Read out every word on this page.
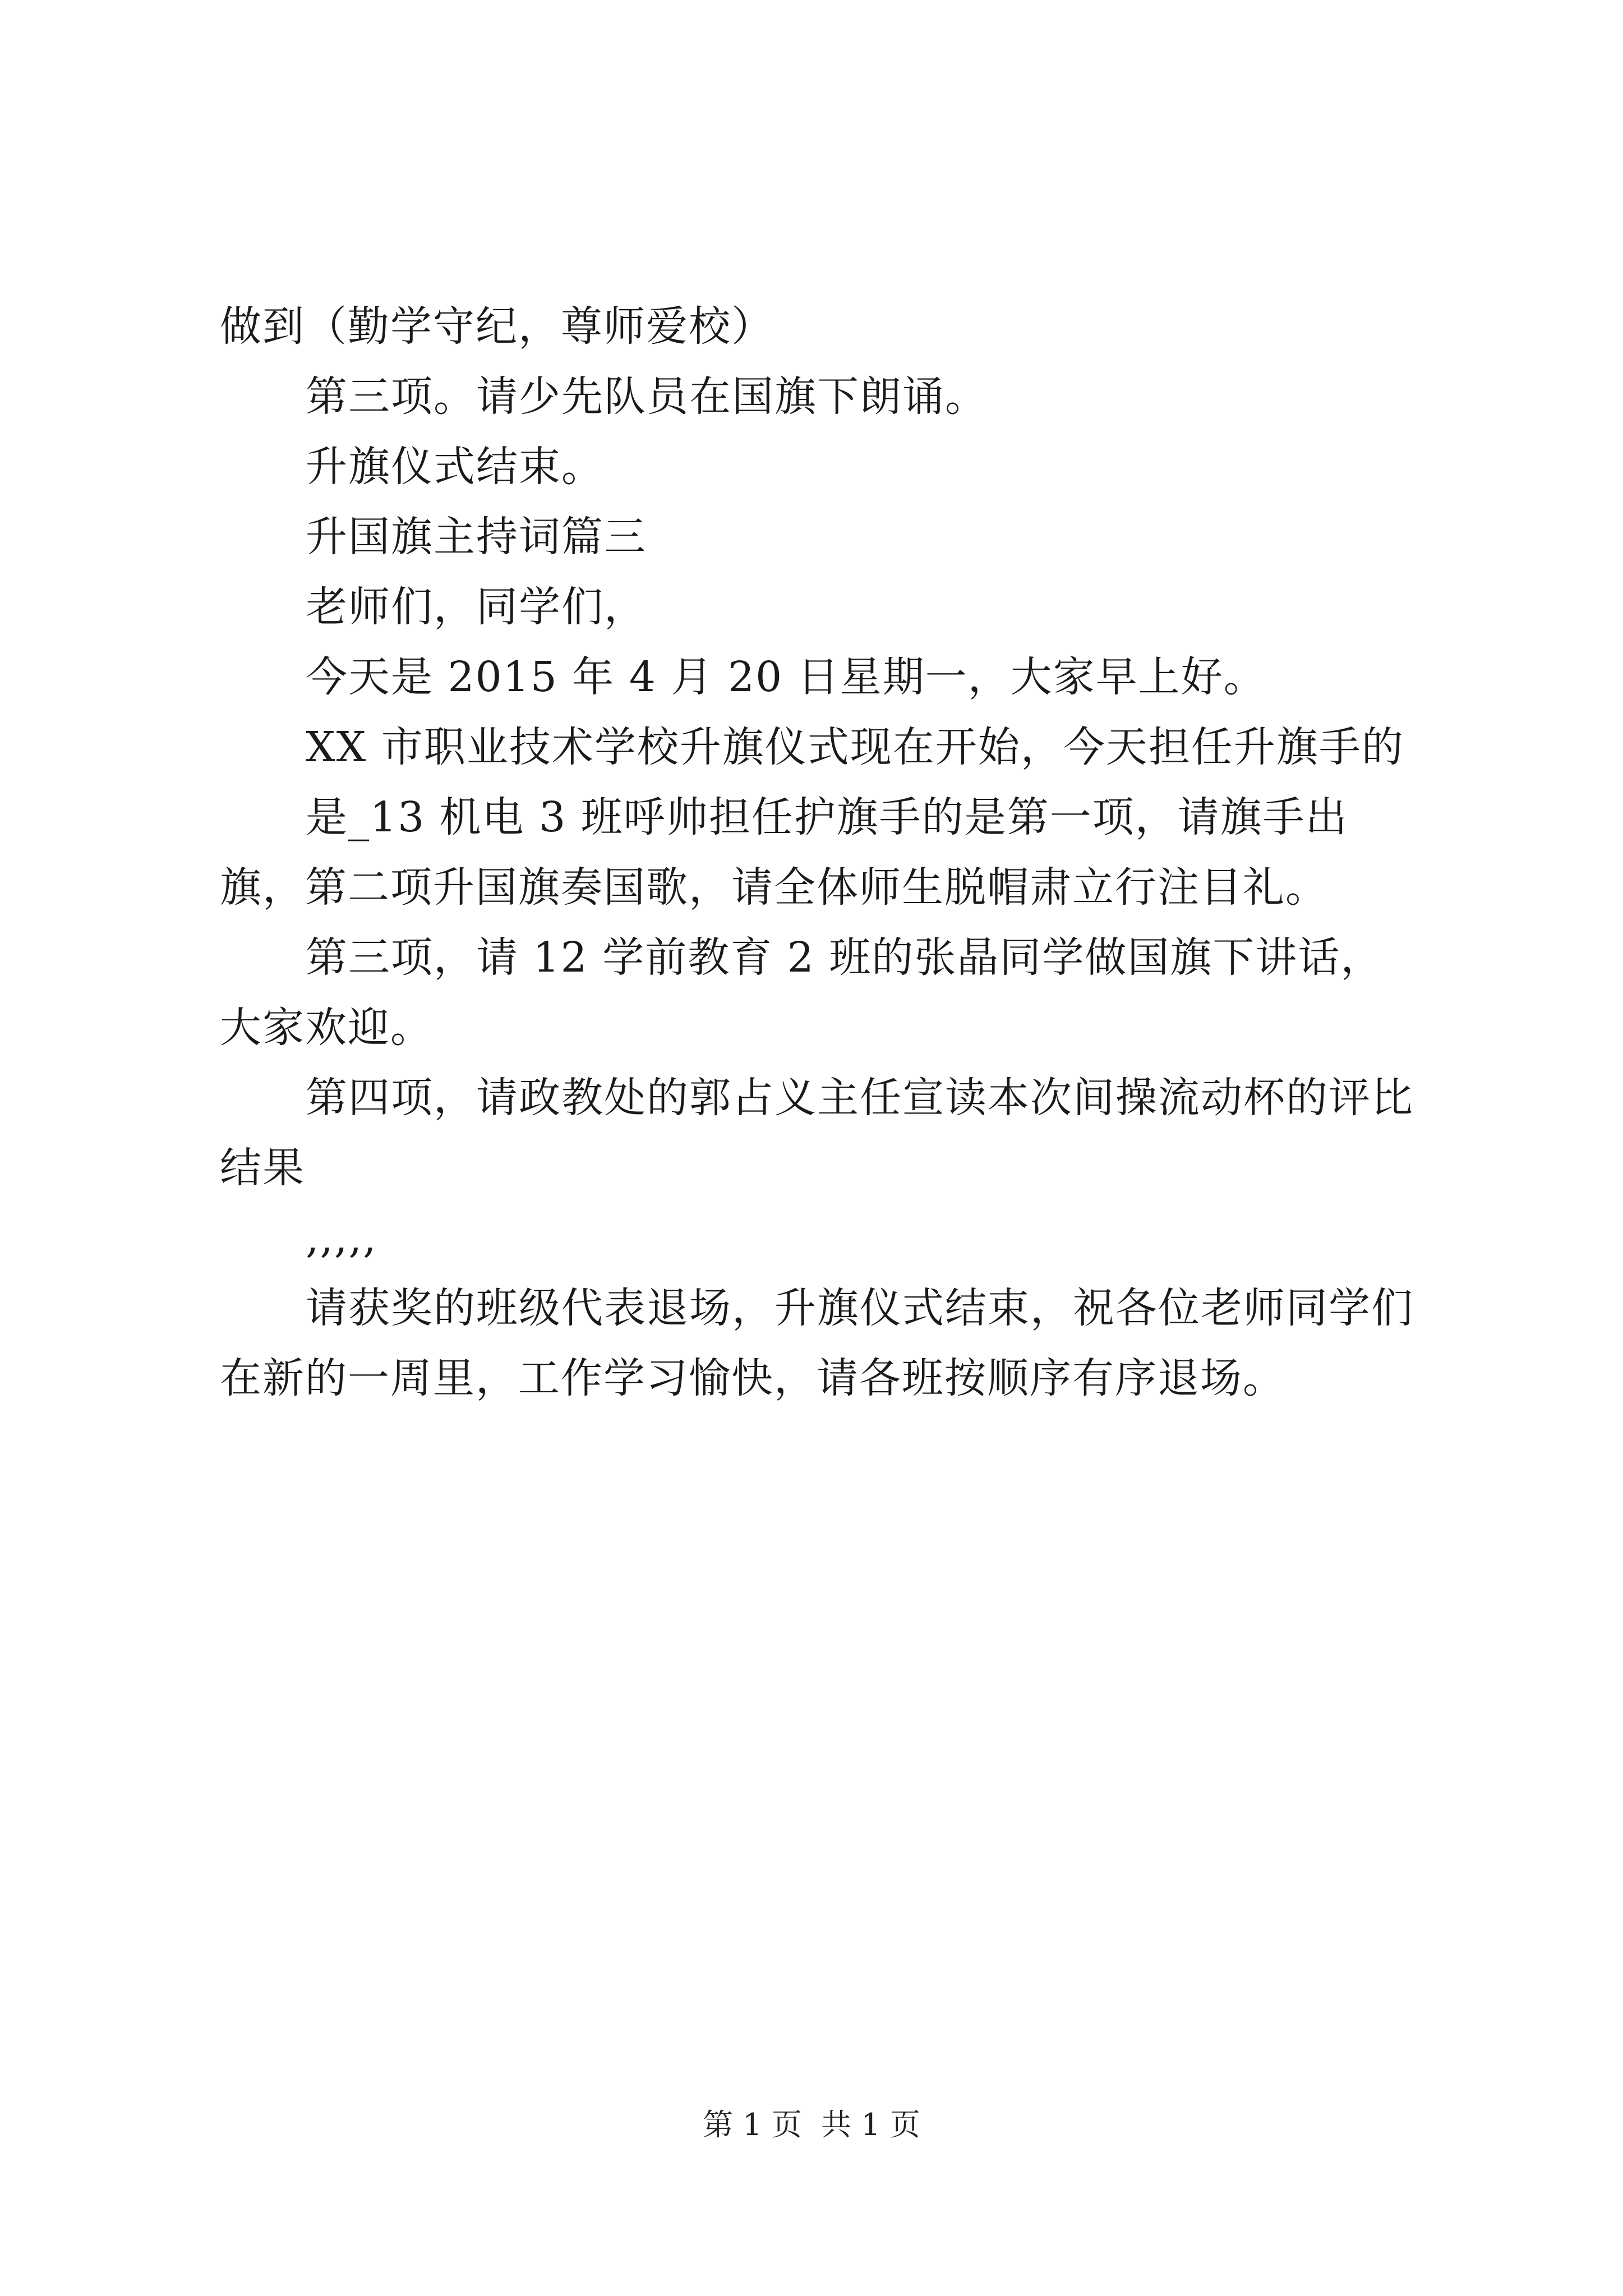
做到（勤学守纪，尊师爱校）

第三项。请少先队员在国旗下朗诵。

升旗仪式结束。

升国旗主持词篇三

老师们，同学们，

今天是 2015 年 4 月 20 日星期一，大家早上好。

XX 市职业技术学校升旗仪式现在开始，今天担任升旗手的

是_13 机电 3 班呼帅担任护旗手的是第一项，请旗手出旗，第二项升国旗奏国歌，请全体师生脱帽肃立行注目礼。

第三项，请 12 学前教育 2 班的张晶同学做国旗下讲话，大家欢迎。

第四项，请政教处的郭占义主任宣读本次间操流动杯的评比结果

,,,,,

请获奖的班级代表退场，升旗仪式结束，祝各位老师同学们在新的一周里，工作学习愉快，请各班按顺序有序退场。

第 1 页  共 1 页
